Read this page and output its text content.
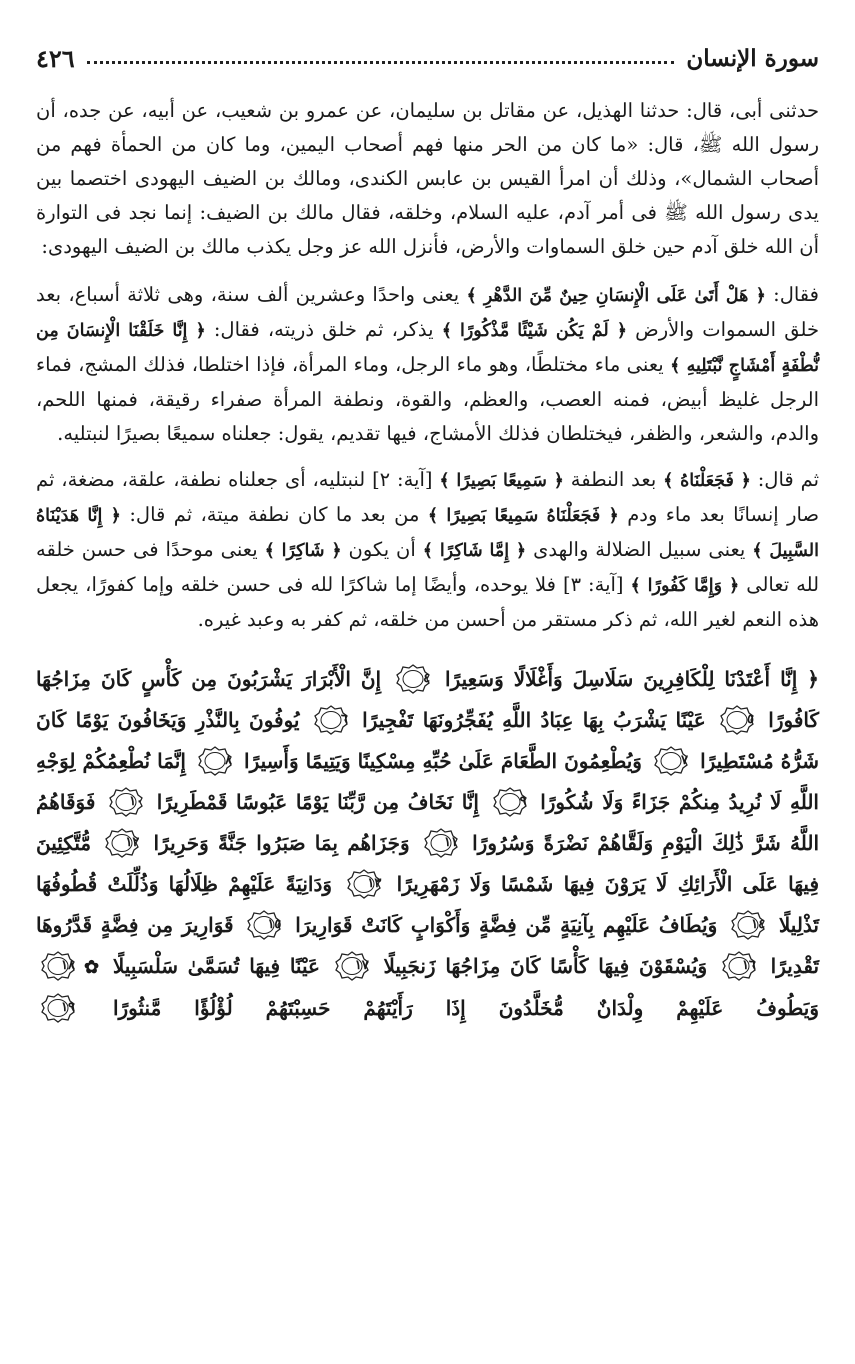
سورة الإنسان
٤٢٦

حدثنى أبى، قال: حدثنا الهذيل، عن مقاتل بن سليمان، عن عمرو بن شعيب، عن أبيه، عن جده، أن رسول الله ﷺ، قال: «ما كان من الحر منها فهم أصحاب اليمين، وما كان من الحمأة فهم من أصحاب الشمال»، وذلك أن امرأ القيس بن عابس الكندى، ومالك بن الضيف اليهودى اختصما بين يدى رسول الله ﷺ فى أمر آدم، عليه السلام، وخلقه، فقال مالك بن الضيف: إنما نجد فى التوارة أن الله خلق آدم حين خلق السماوات والأرض، فأنزل الله عز وجل يكذب مالك بن الضيف اليهودى:

فقال: ﴿ هَلْ أَتَىٰ عَلَى الْإِنسَانِ حِينٌ مِّنَ الدَّهْرِ ﴾ يعنى واحدًا وعشرين ألف سنة، وهى ثلاثة أسباع، بعد خلق السموات والأرض ﴿ لَمْ يَكُن شَيْئًا مَّذْكُورًا ﴾ يذكر، ثم خلق ذريته، فقال: ﴿ إِنَّا خَلَقْنَا الْإِنسَانَ مِن نُّطْفَةٍ أَمْشَاجٍ نَّبْتَلِيهِ ﴾ يعنى ماء مختلطًا، وهو ماء الرجل، وماء المرأة، فإذا اختلطا، فذلك المشج، فماء الرجل غليظ أبيض، فمنه العصب، والعظم، والقوة، ونطفة المرأة صفراء رقيقة، فمنها اللحم، والدم، والشعر، والظفر، فيختلطان فذلك الأمشاج، فيها تقديم، يقول: جعلناه سميعًا بصيرًا لنبتليه.

ثم قال: ﴿ فَجَعَلْنَاهُ ﴾ بعد النطفة ﴿ سَمِيعًا بَصِيرًا ﴾ [آية: ٢] لنبتليه، أى جعلناه نطفة، علقة، مضغة، ثم صار إنسانًا بعد ماء ودم ﴿ فَجَعَلْنَاهُ سَمِيعًا بَصِيرًا ﴾ من بعد ما كان نطفة ميتة، ثم قال: ﴿ إِنَّا هَدَيْنَاهُ السَّبِيلَ ﴾ يعنى سبيل الضلالة والهدى ﴿ إِمَّا شَاكِرًا ﴾ أن يكون ﴿ شَاكِرًا ﴾ يعنى موحدًا فى حسن خلقه لله تعالى ﴿ وَإِمَّا كَفُورًا ﴾ [آية: ٣] فلا يوحده، وأيضًا إما شاكرًا لله فى حسن خلقه وإما كفورًا، يجعل هذه النعم لغير الله، ثم ذكر مستقر من أحسن من خلقه، ثم كفر به وعبد غيره.

﴿ إِنَّا أَعْتَدْنَا لِلْكَافِرِينَ سَلَاسِلَ وَأَغْلَالًا وَسَعِيرًا
٤
إِنَّ الْأَبْرَارَ يَشْرَبُونَ مِن كَأْسٍ كَانَ مِزَاجُهَا كَافُورًا
٥
عَيْنًا يَشْرَبُ بِهَا عِبَادُ اللَّهِ يُفَجِّرُونَهَا تَفْجِيرًا
٦
يُوفُونَ بِالنَّذْرِ وَيَخَافُونَ يَوْمًا كَانَ شَرُّهُ مُسْتَطِيرًا
٧
وَيُطْعِمُونَ الطَّعَامَ عَلَىٰ حُبِّهِ مِسْكِينًا وَيَتِيمًا وَأَسِيرًا
٨
إِنَّمَا نُطْعِمُكُمْ لِوَجْهِ اللَّهِ لَا نُرِيدُ مِنكُمْ جَزَاءً وَلَا شُكُورًا
٩
إِنَّا نَخَافُ مِن رَّبِّنَا يَوْمًا عَبُوسًا قَمْطَرِيرًا
١٠
فَوَقَاهُمُ اللَّهُ شَرَّ ذَٰلِكَ الْيَوْمِ وَلَقَّاهُمْ نَضْرَةً وَسُرُورًا
١١
وَجَزَاهُم بِمَا صَبَرُوا جَنَّةً وَحَرِيرًا
١٢
مُّتَّكِئِينَ فِيهَا عَلَى الْأَرَائِكِ لَا يَرَوْنَ فِيهَا شَمْسًا وَلَا زَمْهَرِيرًا
١٣
وَدَانِيَةً عَلَيْهِمْ ظِلَالُهَا وَذُلِّلَتْ قُطُوفُهَا تَذْلِيلًا
١٤
وَيُطَافُ عَلَيْهِم بِآنِيَةٍ مِّن فِضَّةٍ وَأَكْوَابٍ كَانَتْ قَوَارِيرَا
١٥
قَوَارِيرَ مِن فِضَّةٍ قَدَّرُوهَا تَقْدِيرًا
١٦
وَيُسْقَوْنَ فِيهَا كَأْسًا كَانَ مِزَاجُهَا زَنجَبِيلًا
١٧
عَيْنًا فِيهَا تُسَمَّىٰ سَلْسَبِيلًا ✿
١٨
وَيَطُوفُ عَلَيْهِمْ وِلْدَانٌ مُّخَلَّدُونَ إِذَا رَأَيْتَهُمْ حَسِبْتَهُمْ لُؤْلُؤًا مَّنثُورًا
١٩
